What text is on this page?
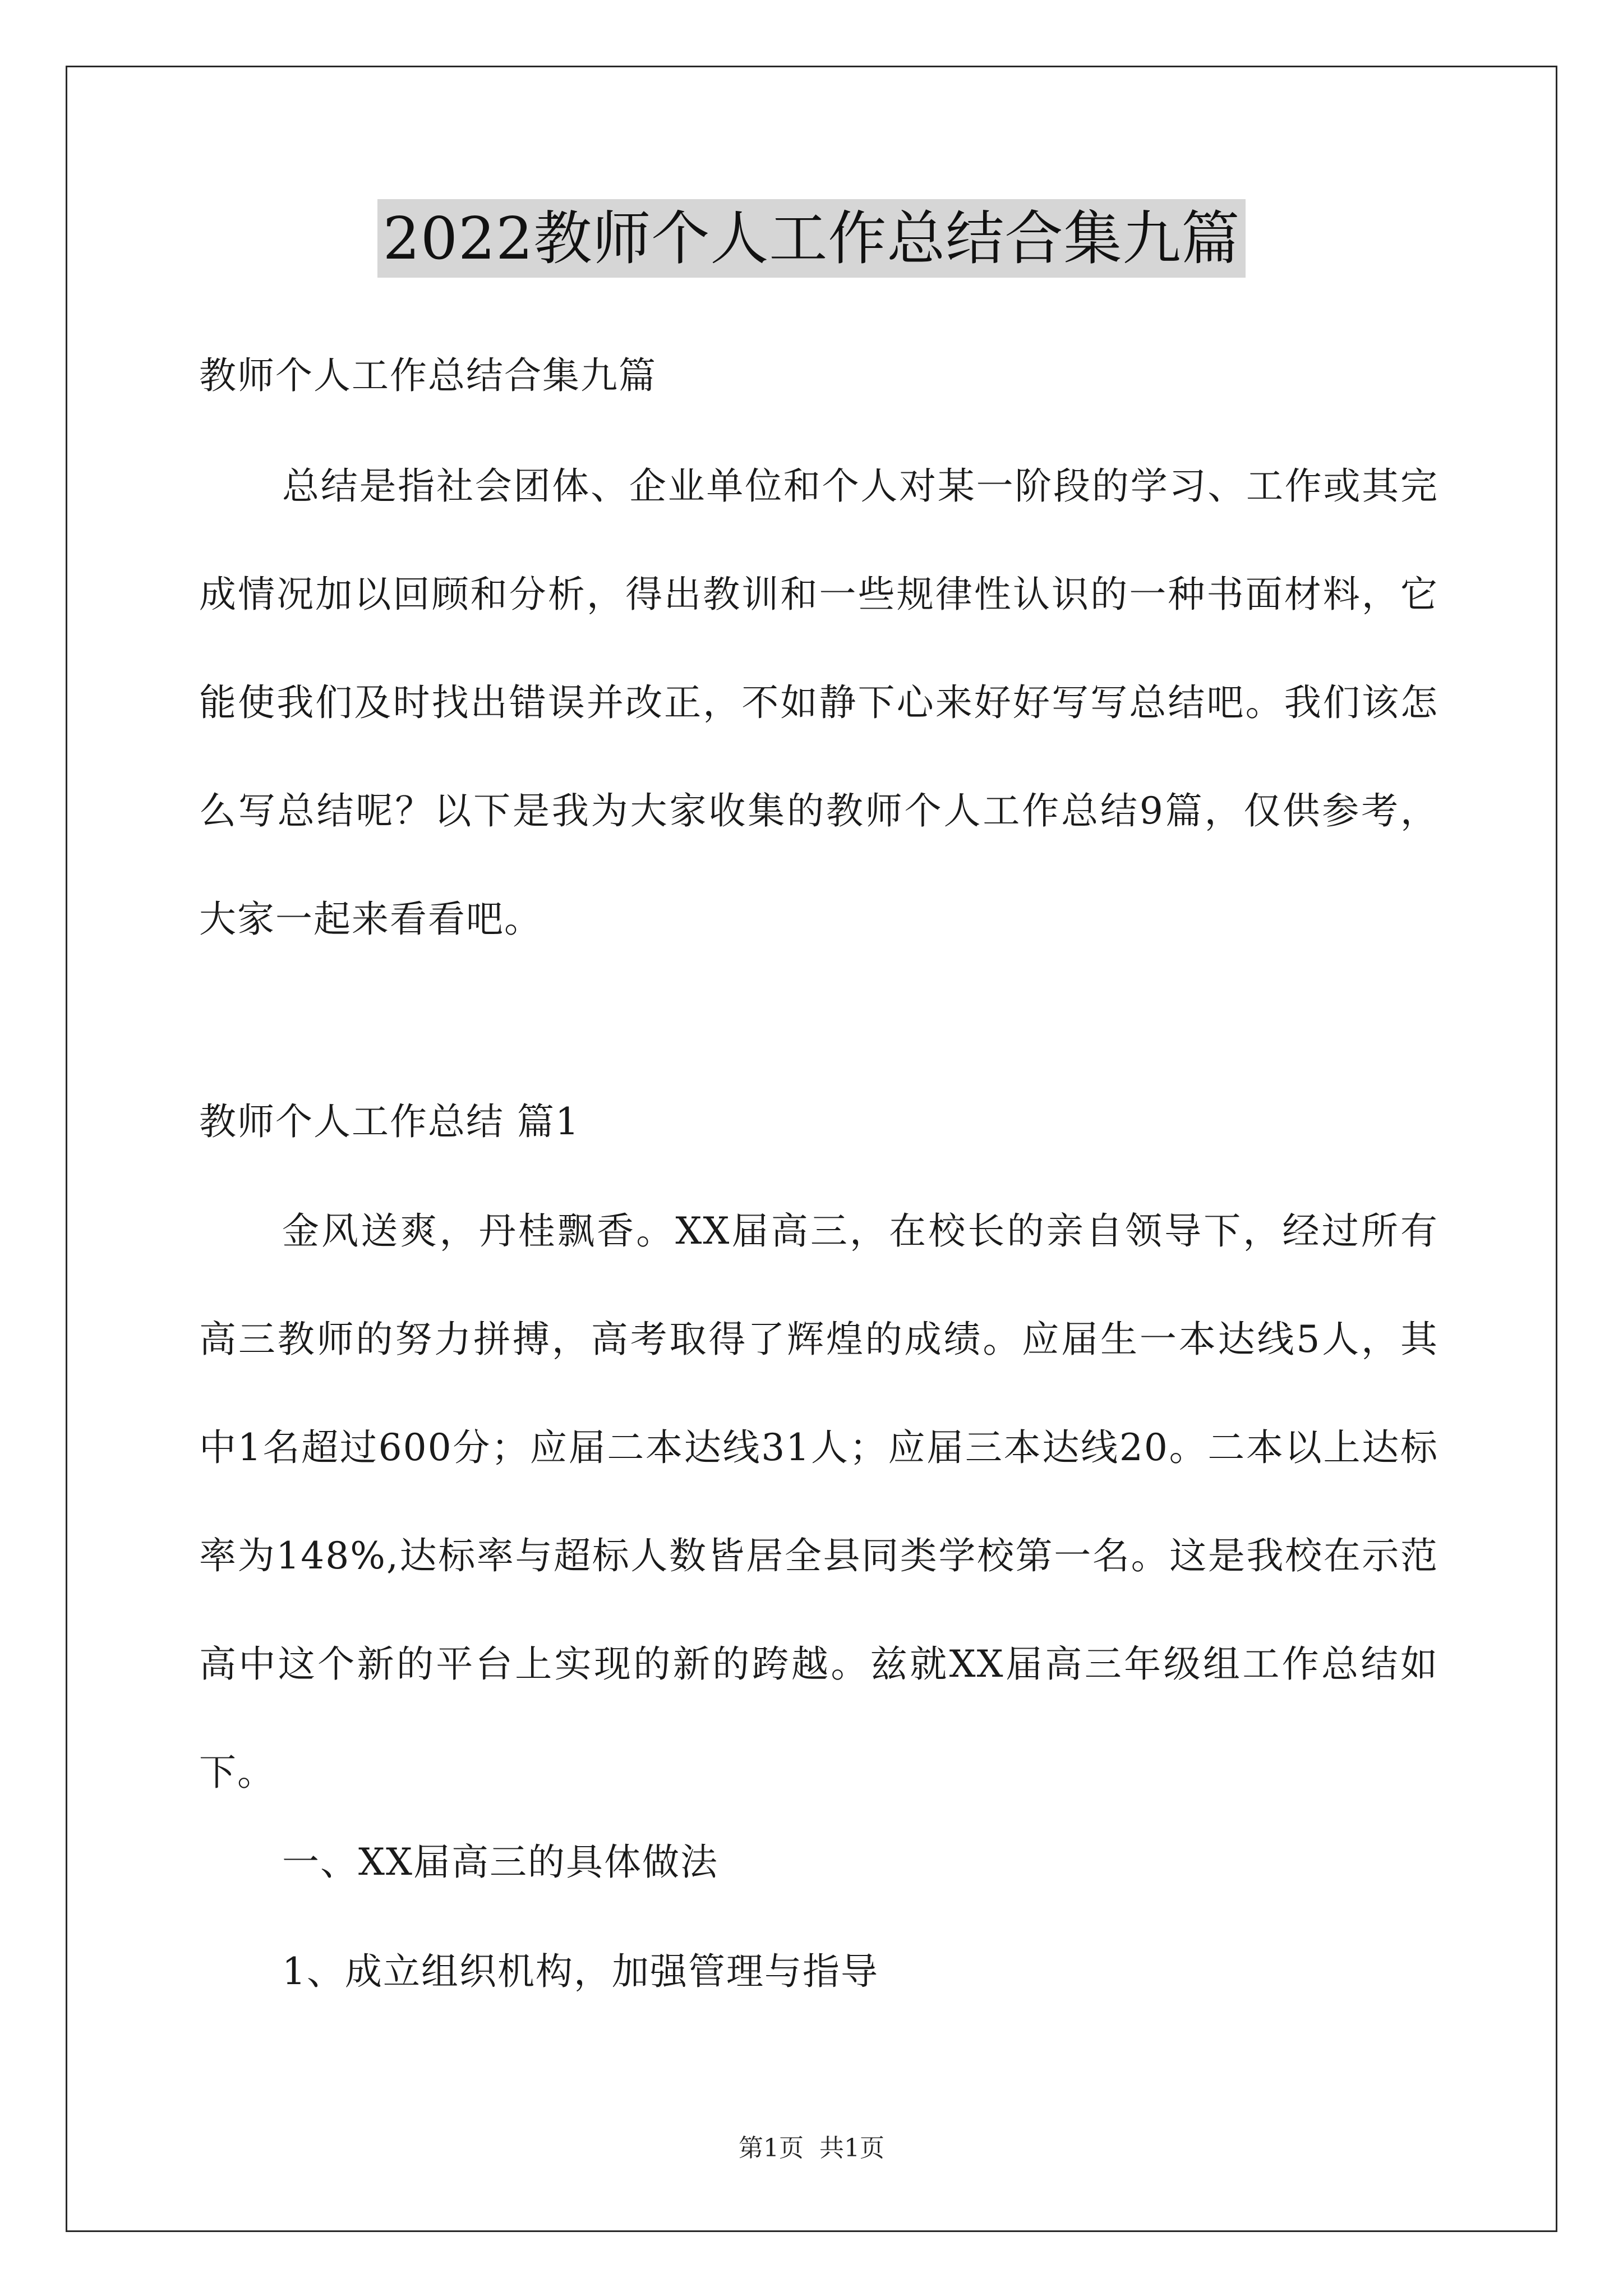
2022教师个人工作总结合集九篇

教师个人工作总结合集九篇

总结是指社会团体、企业单位和个人对某一阶段的学习、工作或其完成情况加以回顾和分析，得出教训和一些规律性认识的一种书面材料，它能使我们及时找出错误并改正，不如静下心来好好写写总结吧。我们该怎么写总结呢？以下是我为大家收集的教师个人工作总结9篇，仅供参考，大家一起来看看吧。

教师个人工作总结 篇1

金风送爽，丹桂飘香。XX届高三，在校长的亲自领导下，经过所有高三教师的努力拼搏，高考取得了辉煌的成绩。应届生一本达线5人，其中1名超过600分；应届二本达线31人；应届三本达线20。二本以上达标率为148%,达标率与超标人数皆居全县同类学校第一名。这是我校在示范高中这个新的平台上实现的新的跨越。兹就XX届高三年级组工作总结如下。

一、XX届高三的具体做法

1、成立组织机构，加强管理与指导

第1页 共1页
